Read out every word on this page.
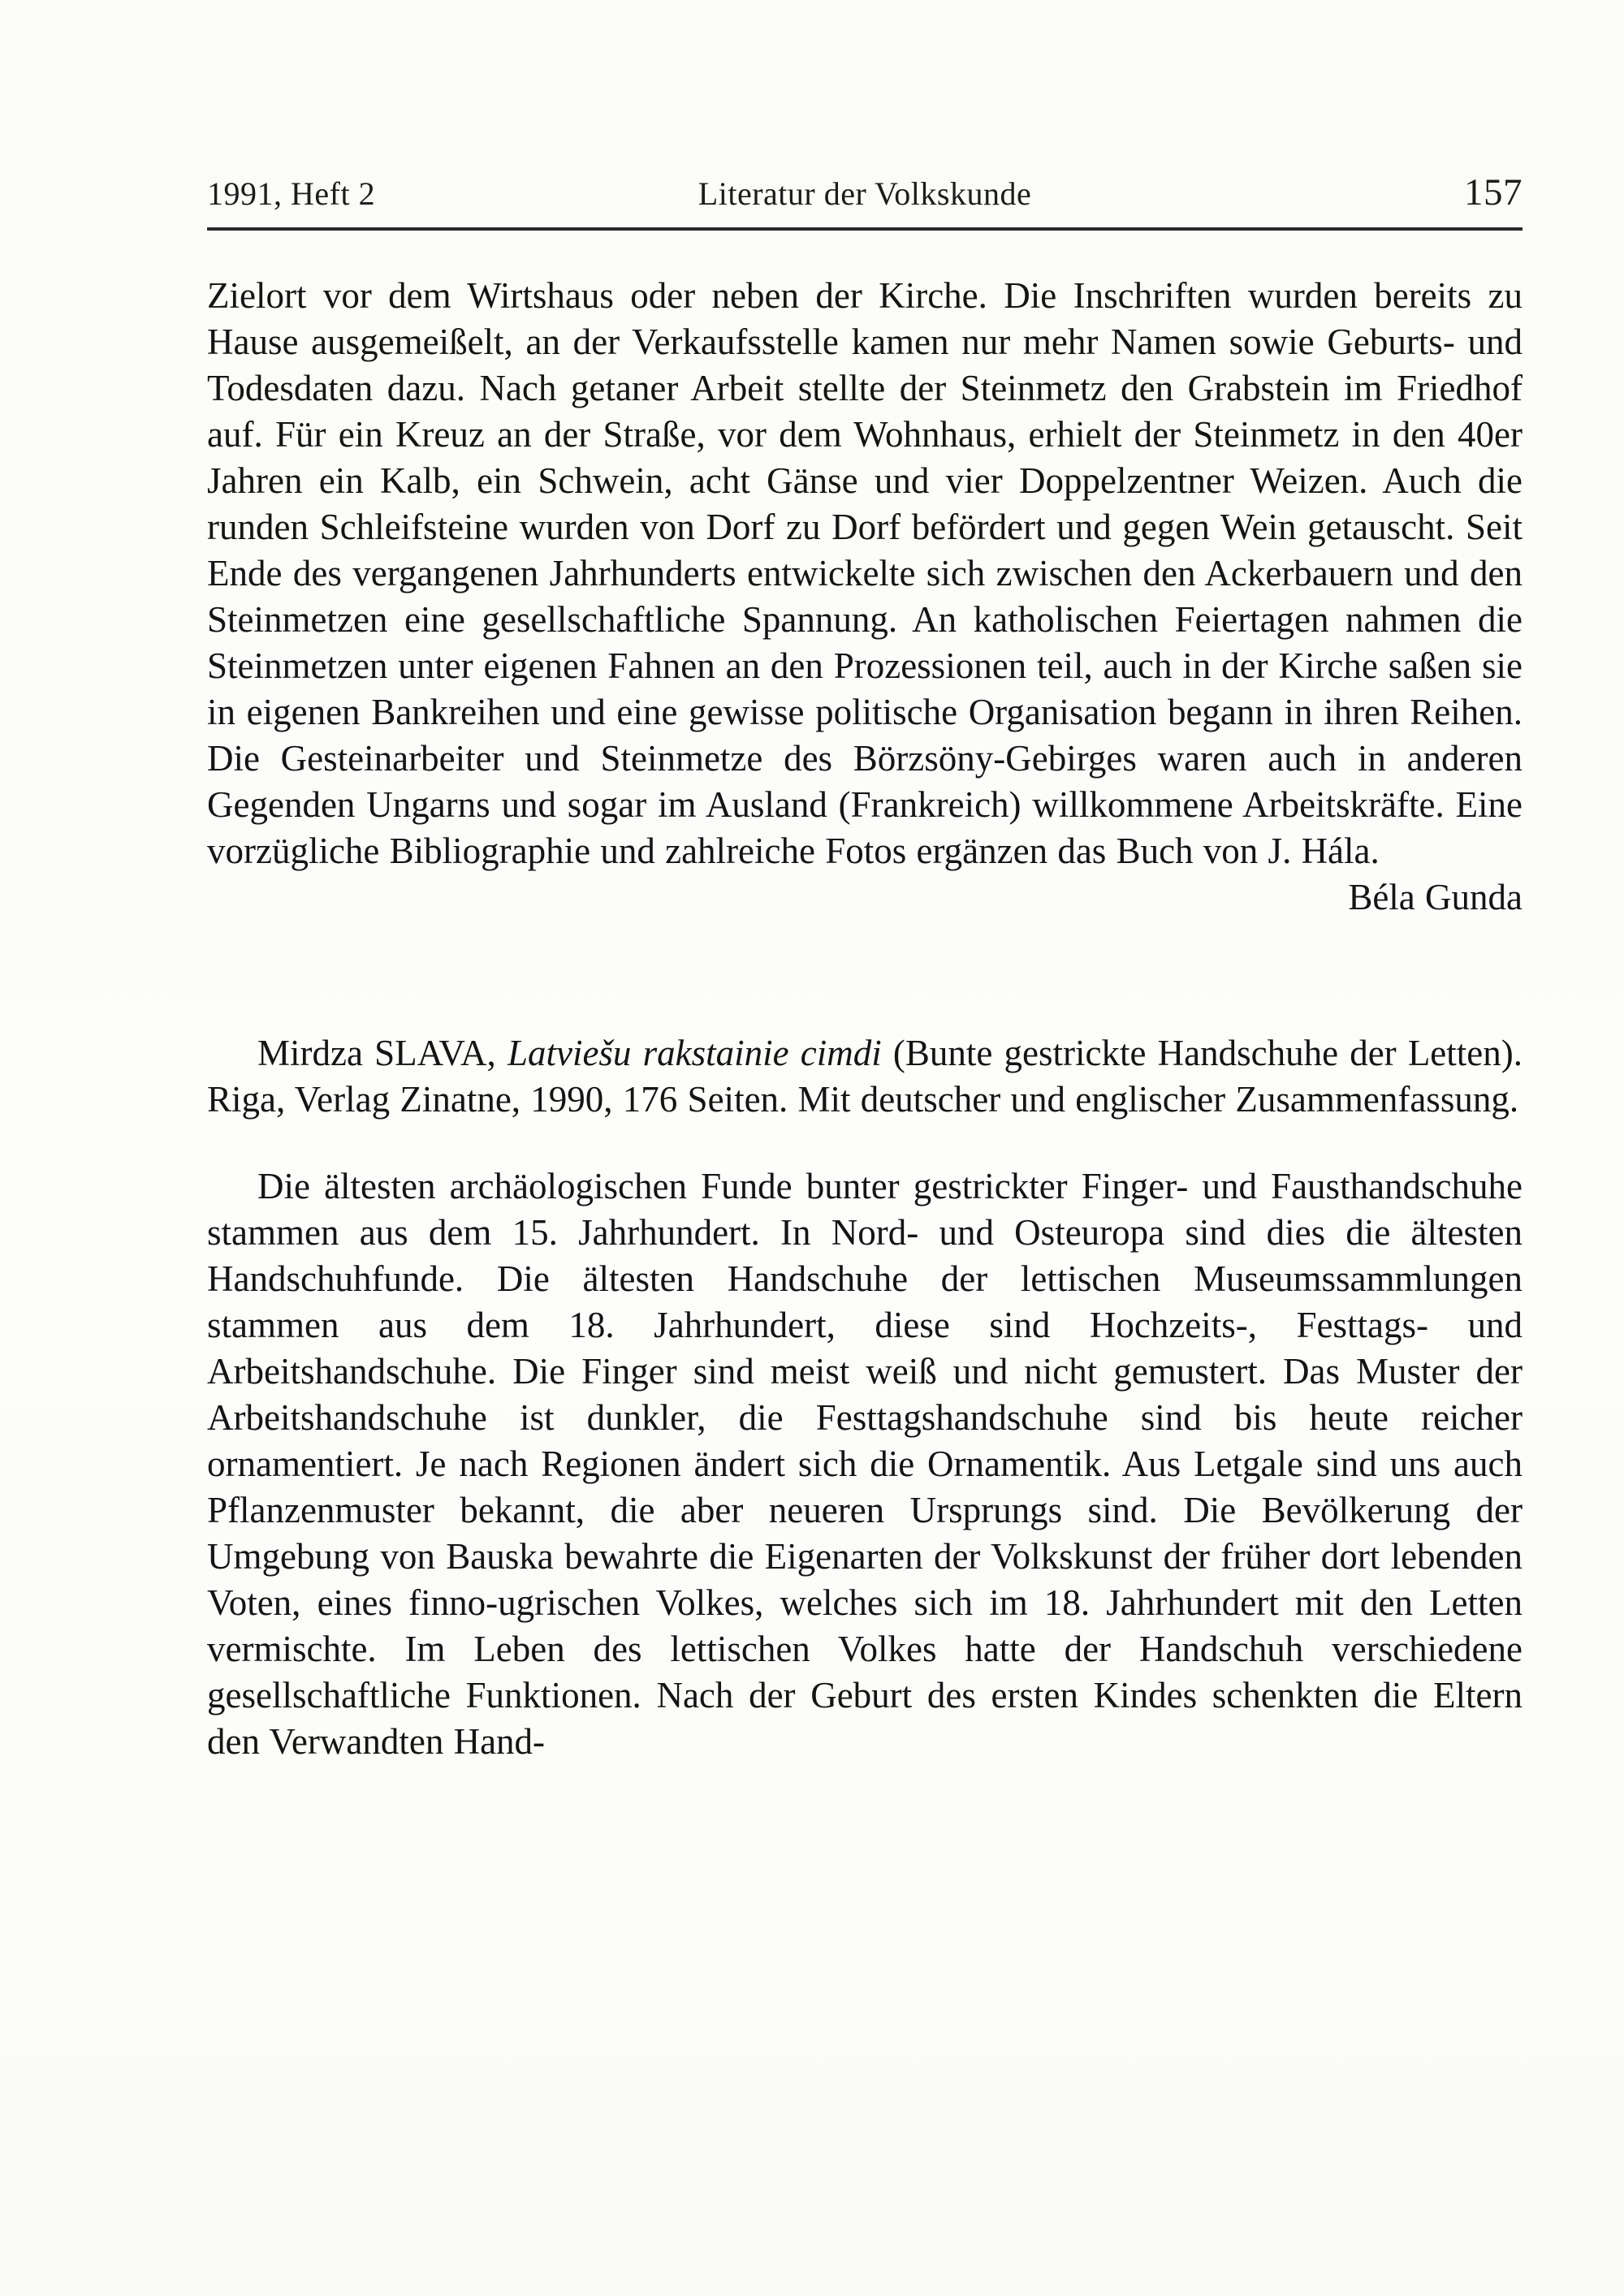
1991, Heft 2	Literatur der Volkskunde	157

Zielort vor dem Wirtshaus oder neben der Kirche. Die Inschriften wurden bereits zu Hause ausgemeißelt, an der Verkaufsstelle kamen nur mehr Namen sowie Geburts- und Todesdaten dazu. Nach getaner Arbeit stellte der Steinmetz den Grabstein im Friedhof auf. Für ein Kreuz an der Straße, vor dem Wohnhaus, erhielt der Steinmetz in den 40er Jahren ein Kalb, ein Schwein, acht Gänse und vier Doppelzentner Weizen. Auch die runden Schleifsteine wurden von Dorf zu Dorf befördert und gegen Wein getauscht. Seit Ende des vergangenen Jahrhunderts entwickelte sich zwischen den Ackerbauern und den Steinmetzen eine gesellschaftliche Spannung. An katholischen Feiertagen nahmen die Steinmetzen unter eigenen Fahnen an den Prozessionen teil, auch in der Kirche saßen sie in eigenen Bankreihen und eine gewisse politische Organisation begann in ihren Reihen. Die Gesteinarbeiter und Steinmetze des Börzsöny-Gebirges waren auch in anderen Gegenden Ungarns und sogar im Ausland (Frankreich) willkommene Arbeitskräfte. Eine vorzügliche Bibliographie und zahlreiche Fotos ergänzen das Buch von J. Hála.

Béla Gunda

Mirdza SLAVA, Latviešu rakstainie cimdi (Bunte gestrickte Handschuhe der Letten). Riga, Verlag Zinatne, 1990, 176 Seiten. Mit deutscher und englischer Zusammenfassung.

Die ältesten archäologischen Funde bunter gestrickter Finger- und Fausthandschuhe stammen aus dem 15. Jahrhundert. In Nord- und Osteuropa sind dies die ältesten Handschuhfunde. Die ältesten Handschuhe der lettischen Museumssammlungen stammen aus dem 18. Jahrhundert, diese sind Hochzeits-, Festtags- und Arbeitshandschuhe. Die Finger sind meist weiß und nicht gemustert. Das Muster der Arbeitshandschuhe ist dunkler, die Festtagshandschuhe sind bis heute reicher ornamentiert. Je nach Regionen ändert sich die Ornamentik. Aus Letgale sind uns auch Pflanzenmuster bekannt, die aber neueren Ursprungs sind. Die Bevölkerung der Umgebung von Bauska bewahrte die Eigenarten der Volkskunst der früher dort lebenden Voten, eines finno-ugrischen Volkes, welches sich im 18. Jahrhundert mit den Letten vermischte. Im Leben des lettischen Volkes hatte der Handschuh verschiedene gesellschaftliche Funktionen. Nach der Geburt des ersten Kindes schenkten die Eltern den Verwandten Hand-
